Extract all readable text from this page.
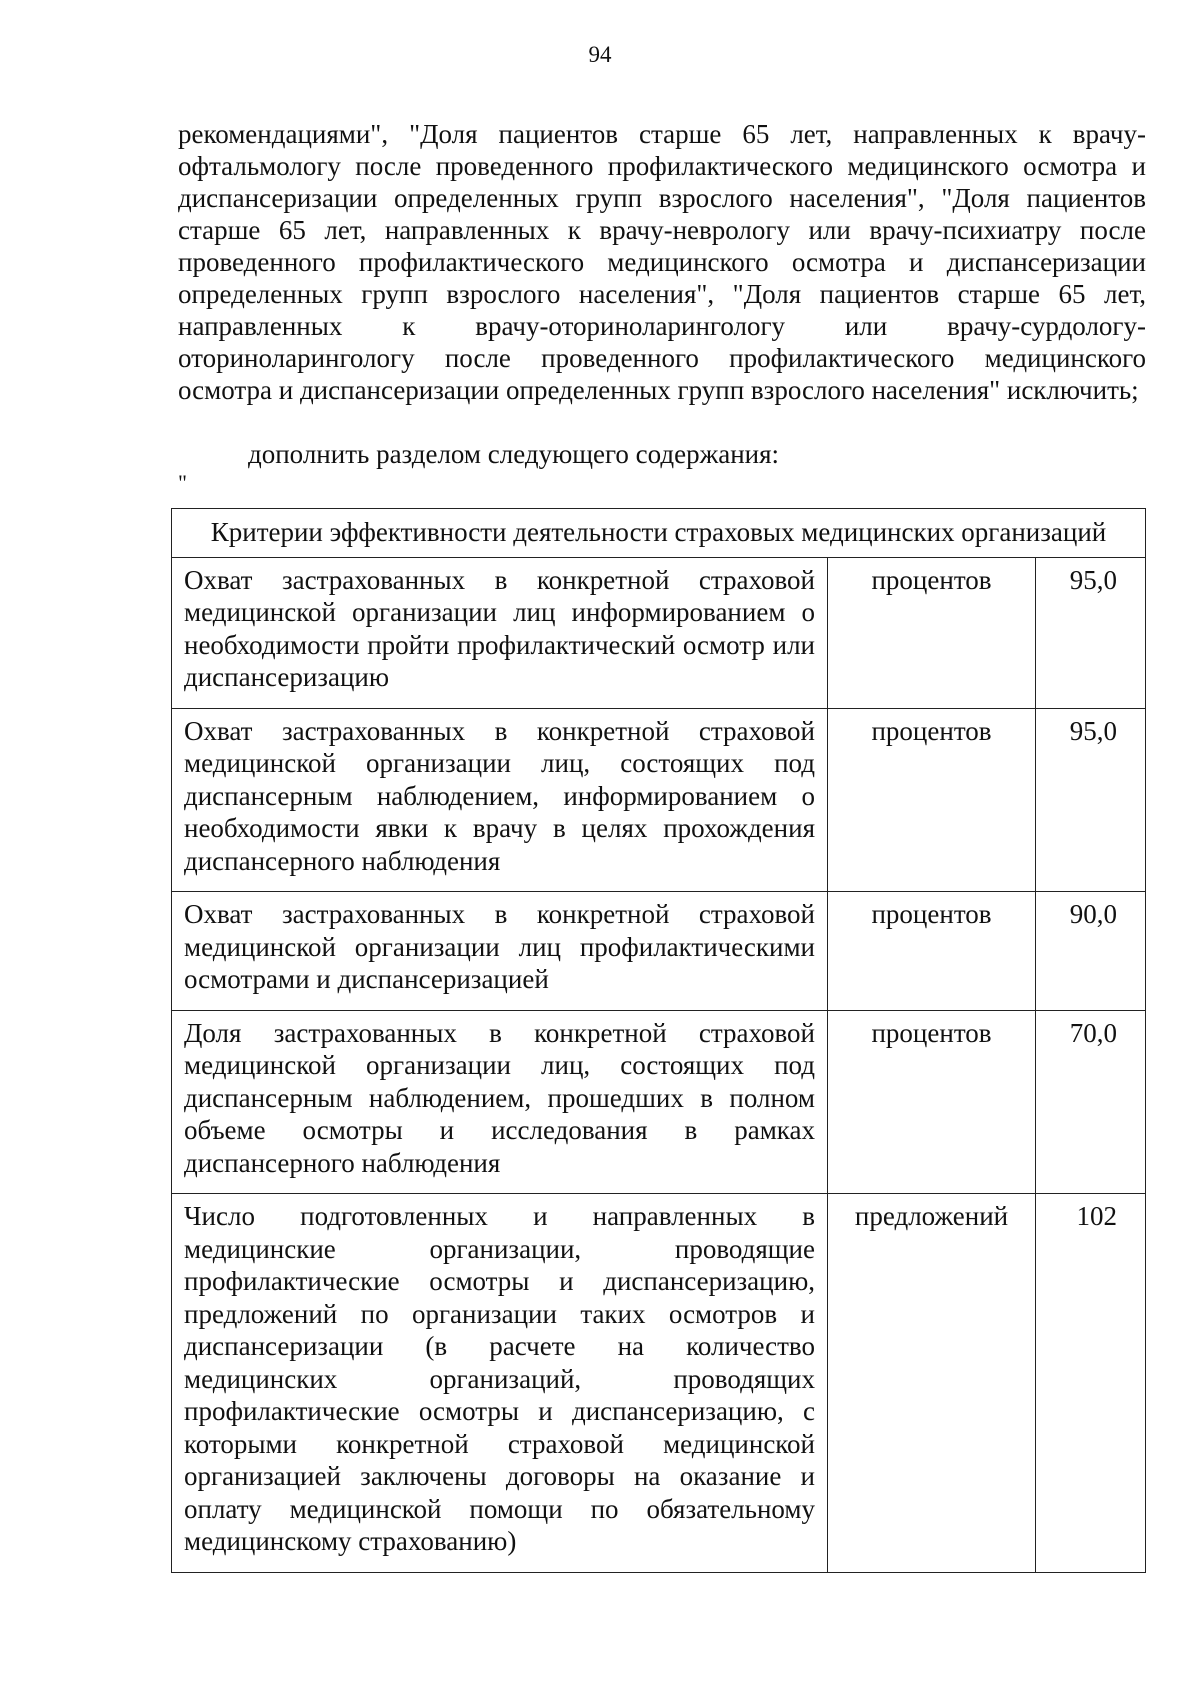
94

рекомендациями", "Доля пациентов старше 65 лет, направленных к врачу-офтальмологу после проведенного профилактического медицинского осмотра и диспансеризации определенных групп взрослого населения", "Доля пациентов старше 65 лет, направленных к врачу-неврологу или врачу-психиатру после проведенного профилактического медицинского осмотра и диспансеризации определенных групп взрослого населения", "Доля пациентов старше 65 лет, направленных к врачу-оториноларингологу или врачу-сурдологу-оториноларингологу после проведенного профилактического медицинского осмотра и диспансеризации определенных групп взрослого населения" исключить;

дополнить разделом следующего содержания:

"
Критерии эффективности деятельности страховых медицинских организаций		
Охват застрахованных в конкретной страховой медицинской организации лиц информированием о необходимости пройти профилактический осмотр или диспансеризацию	процентов	95,0
Охват застрахованных в конкретной страховой медицинской организации лиц, состоящих под диспансерным наблюдением, информированием о необходимости явки к врачу в целях прохождения диспансерного наблюдения	процентов	95,0
Охват застрахованных в конкретной страховой медицинской организации лиц профилактическими осмотрами и диспансеризацией	процентов	90,0
Доля застрахованных в конкретной страховой медицинской организации лиц, состоящих под диспансерным наблюдением, прошедших в полном объеме осмотры и исследования в рамках диспансерного наблюдения	процентов	70,0
Число подготовленных и направленных в медицинские организации, проводящие профилактические осмотры и диспансеризацию, предложений по организации таких осмотров и диспансеризации (в расчете на количество медицинских организаций, проводящих профилактические осмотры и диспансеризацию, с которыми конкретной страховой медицинской организацией заключены договоры на оказание и оплату медицинской помощи по обязательному медицинскому страхованию)	предложений	102
